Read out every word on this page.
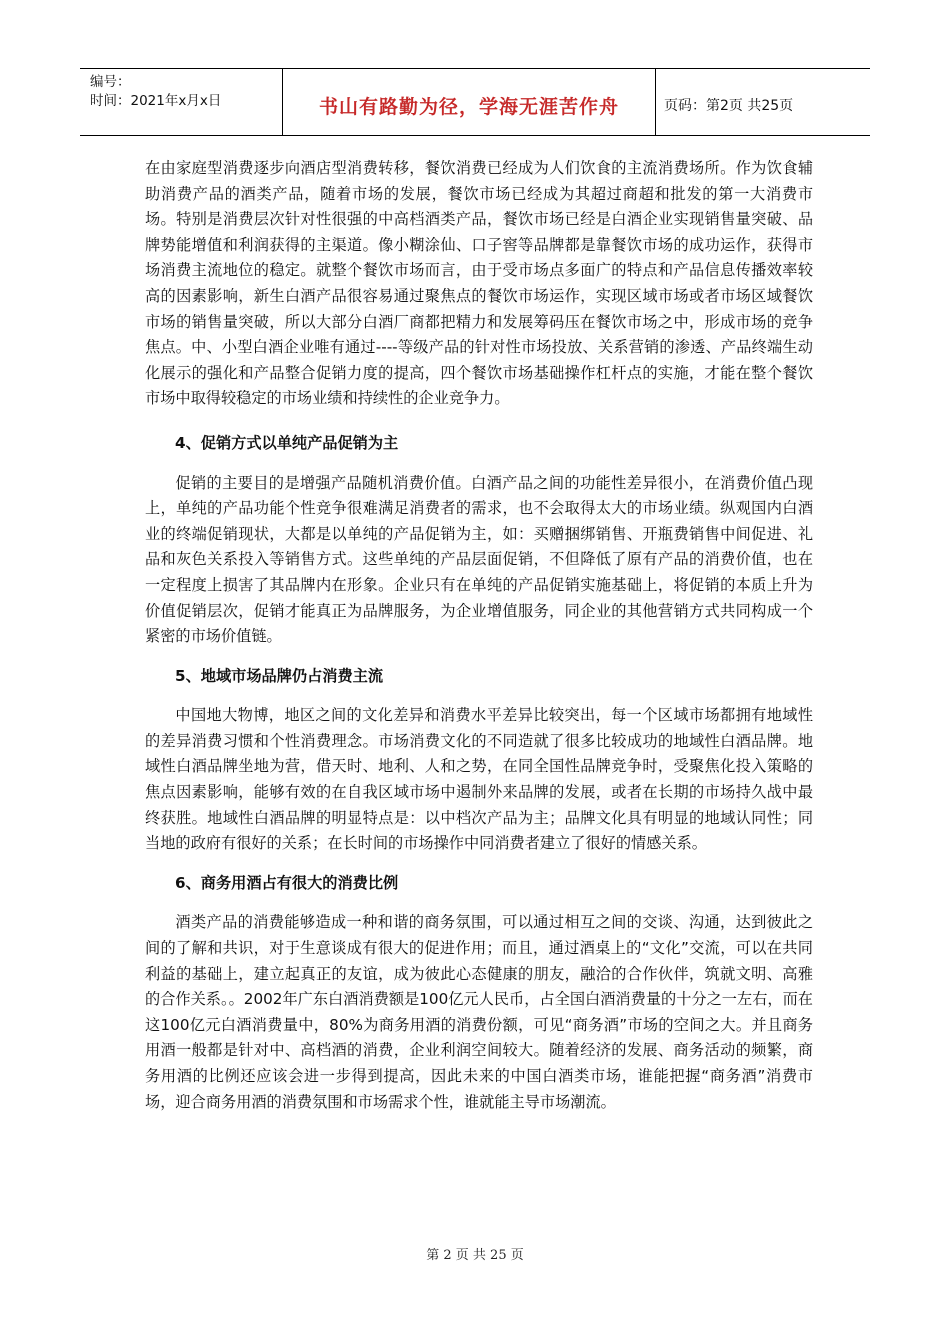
编号：
时间：2021年x月x日	书山有路勤为径，学海无涯苦作舟	页码：第2页 共25页

在由家庭型消费逐步向酒店型消费转移，餐饮消费已经成为人们饮食的主流消费场所。作为饮食辅助消费产品的酒类产品，随着市场的发展，餐饮市场已经成为其超过商超和批发的第一大消费市场。特别是消费层次针对性很强的中高档酒类产品，餐饮市场已经是白酒企业实现销售量突破、品牌势能增值和利润获得的主渠道。像小糊涂仙、口子窖等品牌都是靠餐饮市场的成功运作，获得市场消费主流地位的稳定。就整个餐饮市场而言，由于受市场点多面广的特点和产品信息传播效率较高的因素影响，新生白酒产品很容易通过聚焦点的餐饮市场运作，实现区域市场或者市场区域餐饮市场的销售量突破，所以大部分白酒厂商都把精力和发展筹码压在餐饮市场之中，形成市场的竞争焦点。中、小型白酒企业唯有通过----等级产品的针对性市场投放、关系营销的渗透、产品终端生动化展示的强化和产品整合促销力度的提高，四个餐饮市场基础操作杠杆点的实施，才能在整个餐饮市场中取得较稳定的市场业绩和持续性的企业竞争力。

4、促销方式以单纯产品促销为主

促销的主要目的是增强产品随机消费价值。白酒产品之间的功能性差异很小，在消费价值凸现上，单纯的产品功能个性竞争很难满足消费者的需求，也不会取得太大的市场业绩。纵观国内白酒业的终端促销现状，大都是以单纯的产品促销为主，如：买赠捆绑销售、开瓶费销售中间促进、礼品和灰色关系投入等销售方式。这些单纯的产品层面促销，不但降低了原有产品的消费价值，也在一定程度上损害了其品牌内在形象。企业只有在单纯的产品促销实施基础上，将促销的本质上升为价值促销层次，促销才能真正为品牌服务，为企业增值服务，同企业的其他营销方式共同构成一个紧密的市场价值链。

5、地域市场品牌仍占消费主流

中国地大物博，地区之间的文化差异和消费水平差异比较突出，每一个区域市场都拥有地域性的差异消费习惯和个性消费理念。市场消费文化的不同造就了很多比较成功的地域性白酒品牌。地域性白酒品牌坐地为营，借天时、地利、人和之势，在同全国性品牌竞争时，受聚焦化投入策略的焦点因素影响，能够有效的在自我区域市场中遏制外来品牌的发展，或者在长期的市场持久战中最终获胜。地域性白酒品牌的明显特点是：以中档次产品为主；品牌文化具有明显的地域认同性；同当地的政府有很好的关系；在长时间的市场操作中同消费者建立了很好的情感关系。

6、商务用酒占有很大的消费比例

酒类产品的消费能够造成一种和谐的商务氛围，可以通过相互之间的交谈、沟通，达到彼此之间的了解和共识，对于生意谈成有很大的促进作用；而且，通过酒桌上的“文化”交流，可以在共同利益的基础上，建立起真正的友谊，成为彼此心态健康的朋友，融洽的合作伙伴，筑就文明、高雅的合作关系。。2002年广东白酒消费额是100亿元人民币，占全国白酒消费量的十分之一左右，而在这100亿元白酒消费量中，80%为商务用酒的消费份额，可见“商务酒”市场的空间之大。并且商务用酒一般都是针对中、高档酒的消费，企业利润空间较大。随着经济的发展、商务活动的频繁，商务用酒的比例还应该会进一步得到提高，因此未来的中国白酒类市场，谁能把握“商务酒”消费市场，迎合商务用酒的消费氛围和市场需求个性，谁就能主导市场潮流。

第 2 页 共 25 页
